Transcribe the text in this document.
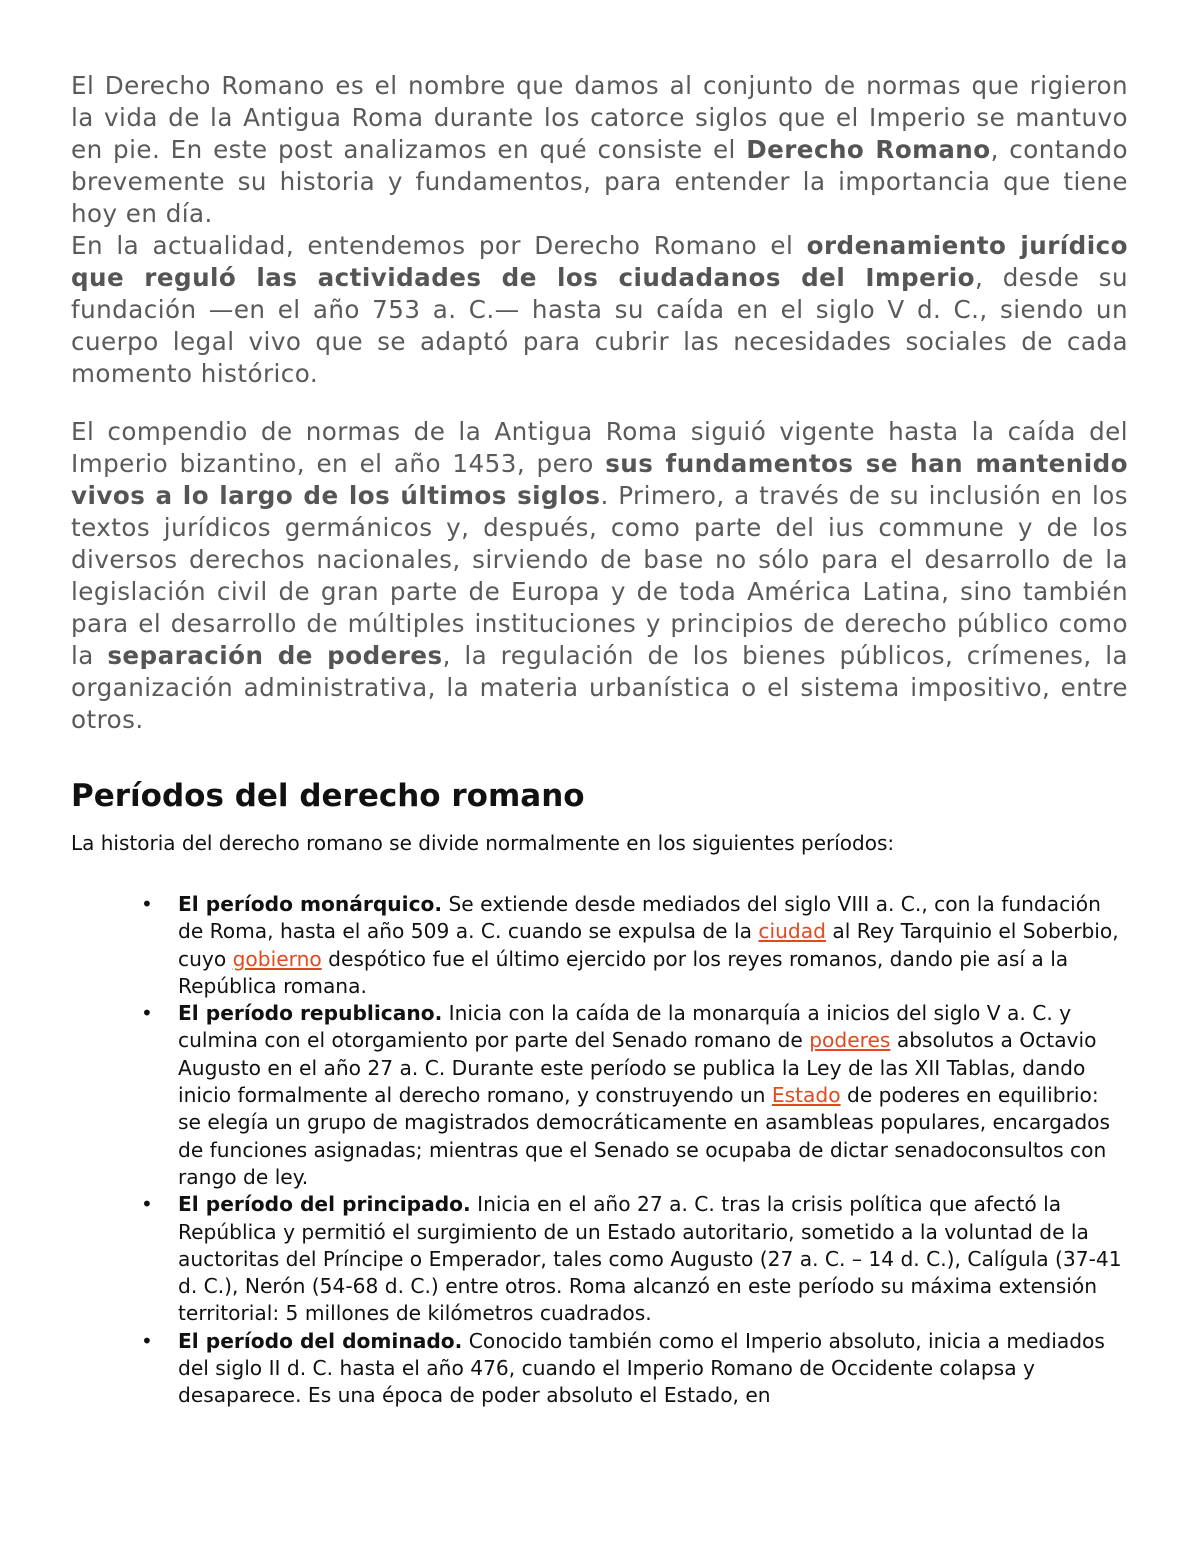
El Derecho Romano es el nombre que damos al conjunto de normas que rigieron la vida de la Antigua Roma durante los catorce siglos que el Imperio se mantuvo en pie. En este post analizamos en qué consiste el Derecho Romano, contando brevemente su historia y fundamentos, para entender la importancia que tiene hoy en día.

En la actualidad, entendemos por Derecho Romano el ordenamiento jurídico que reguló las actividades de los ciudadanos del Imperio, desde su fundación —en el año 753 a. C.— hasta su caída en el siglo V d. C., siendo un cuerpo legal vivo que se adaptó para cubrir las necesidades sociales de cada momento histórico.

El compendio de normas de la Antigua Roma siguió vigente hasta la caída del Imperio bizantino, en el año 1453, pero sus fundamentos se han mantenido vivos a lo largo de los últimos siglos. Primero, a través de su inclusión en los textos jurídicos germánicos y, después, como parte del ius commune y de los diversos derechos nacionales, sirviendo de base no sólo para el desarrollo de la legislación civil de gran parte de Europa y de toda América Latina, sino también para el desarrollo de múltiples instituciones y principios de derecho público como la separación de poderes, la regulación de los bienes públicos, crímenes, la organización administrativa, la materia urbanística o el sistema impositivo, entre otros.

Períodos del derecho romano

La historia del derecho romano se divide normalmente en los siguientes períodos:

• El período monárquico. Se extiende desde mediados del siglo VIII a. C., con la fundación de Roma, hasta el año 509 a. C. cuando se expulsa de la ciudad al Rey Tarquinio el Soberbio, cuyo gobierno despótico fue el último ejercido por los reyes romanos, dando pie así a la República romana.
• El período republicano. Inicia con la caída de la monarquía a inicios del siglo V a. C. y culmina con el otorgamiento por parte del Senado romano de poderes absolutos a Octavio Augusto en el año 27 a. C. Durante este período se publica la Ley de las XII Tablas, dando inicio formalmente al derecho romano, y construyendo un Estado de poderes en equilibrio: se elegía un grupo de magistrados democráticamente en asambleas populares, encargados de funciones asignadas; mientras que el Senado se ocupaba de dictar senadoconsultos con rango de ley.
• El período del principado. Inicia en el año 27 a. C. tras la crisis política que afectó la República y permitió el surgimiento de un Estado autoritario, sometido a la voluntad de la auctoritas del Príncipe o Emperador, tales como Augusto (27 a. C. – 14 d. C.), Calígula (37-41 d. C.), Nerón (54-68 d. C.) entre otros. Roma alcanzó en este período su máxima extensión territorial: 5 millones de kilómetros cuadrados.
• El período del dominado. Conocido también como el Imperio absoluto, inicia a mediados del siglo II d. C. hasta el año 476, cuando el Imperio Romano de Occidente colapsa y desaparece. Es una época de poder absoluto el Estado, en
